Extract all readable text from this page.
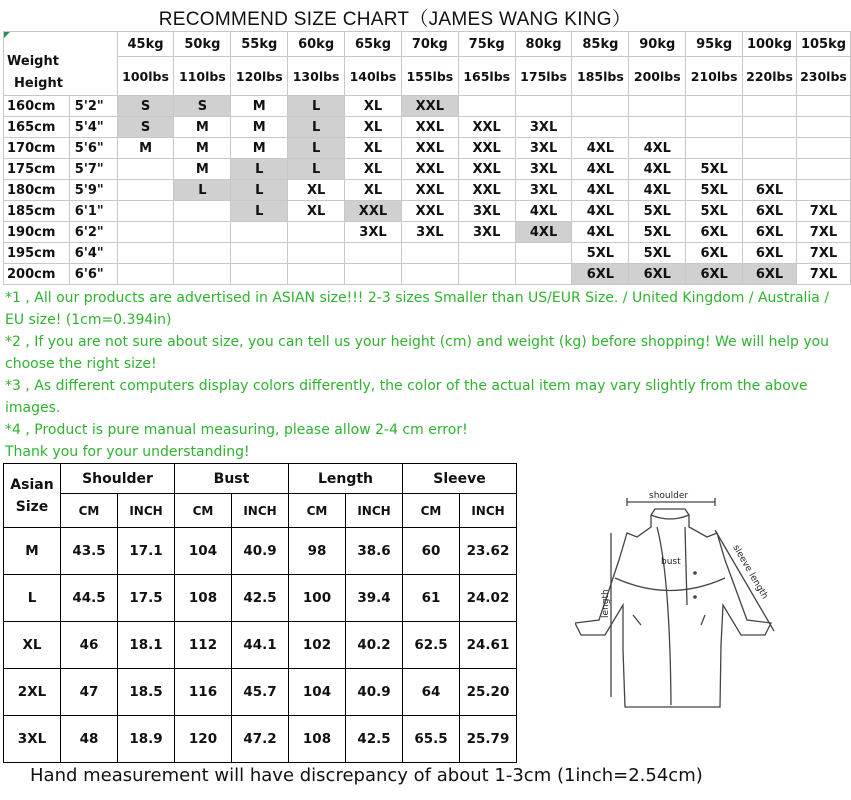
RECOMMEND SIZE CHART（JAMES WANG KING）
Weight
Height		45kg	50kg	55kg	60kg	65kg	70kg	75kg	80kg	85kg	90kg	95kg	100kg	105kg
		100lbs	110lbs	120lbs	130lbs	140lbs	155lbs	165lbs	175lbs	185lbs	200lbs	210lbs	220lbs	230lbs
160cm	5'2"	S	S	M	L	XL	XXL							
165cm	5'4"	S	M	M	L	XL	XXL	XXL	3XL					
170cm	5'6"	M	M	M	L	XL	XXL	XXL	3XL	4XL	4XL			
175cm	5'7"		M	L	L	XL	XXL	XXL	3XL	4XL	4XL	5XL		
180cm	5'9"		L	L	XL	XL	XXL	XXL	3XL	4XL	4XL	5XL	6XL	
185cm	6'1"			L	XL	XXL	XXL	3XL	4XL	4XL	5XL	5XL	6XL	7XL
190cm	6'2"					3XL	3XL	3XL	4XL	4XL	5XL	6XL	6XL	7XL
195cm	6'4"									5XL	5XL	6XL	6XL	7XL
200cm	6'6"									6XL	6XL	6XL	6XL	7XL

*1 , All our products are advertised in ASIAN size!!! 2-3 sizes Smaller than US/EUR Size. / United Kingdom / Australia / EU size! (1cm=0.394in)

*2 , If you are not sure about size, you can tell us your height (cm) and weight (kg) before shopping! We will help you choose the right size!

*3 , As different computers display colors differently, the color of the actual item may vary slightly from the above images.

*4 , Product is pure manual measuring, please allow 2-4 cm error!

Thank you for your understanding!

Asian
Size	Shoulder		Bust		Length		Sleeve	
	CM	INCH	CM	INCH	CM	INCH	CM	INCH
M	43.5	17.1	104	40.9	98	38.6	60	23.62
L	44.5	17.5	108	42.5	100	39.4	61	24.02
XL	46	18.1	112	44.1	102	40.2	62.5	24.61
2XL	47	18.5	116	45.7	104	40.9	64	25.20
3XL	48	18.9	120	47.2	108	42.5	65.5	25.79
shoulder
bust
length
sleeve length
Hand measurement will have discrepancy of about 1-3cm (1inch=2.54cm)
